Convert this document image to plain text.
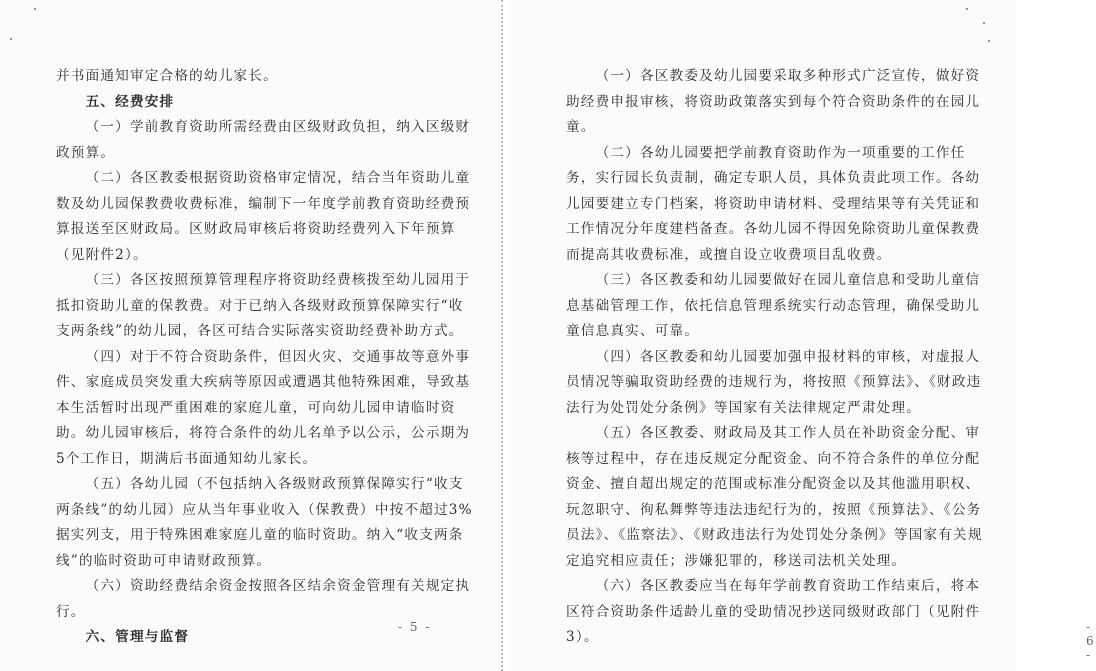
并书面通知审定合格的幼儿家长。
五、经费安排
（一）学前教育资助所需经费由区级财政负担，纳入区级财
政预算。
（二）各区教委根据资助资格审定情况，结合当年资助儿童
数及幼儿园保教费收费标准，编制下一年度学前教育资助经费预
算报送至区财政局。区财政局审核后将资助经费列入下年预算
（见附件2）。
（三）各区按照预算管理程序将资助经费核拨至幼儿园用于
抵扣资助儿童的保教费。对于已纳入各级财政预算保障实行“收
支两条线”的幼儿园，各区可结合实际落实资助经费补助方式。
（四）对于不符合资助条件，但因火灾、交通事故等意外事
件、家庭成员突发重大疾病等原因或遭遇其他特殊困难，导致基
本生活暂时出现严重困难的家庭儿童，可向幼儿园申请临时资
助。幼儿园审核后，将符合条件的幼儿名单予以公示，公示期为
5个工作日，期满后书面通知幼儿家长。
（五）各幼儿园（不包括纳入各级财政预算保障实行“收支
两条线”的幼儿园）应从当年事业收入（保教费）中按不超过3%
据实列支，用于特殊困难家庭儿童的临时资助。纳入“收支两条
线”的临时资助可申请财政预算。
（六）资助经费结余资金按照各区结余资金管理有关规定执
行。
六、管理与监督
- 5 -
（一）各区教委及幼儿园要采取多种形式广泛宣传，做好资
助经费申报审核，将资助政策落实到每个符合资助条件的在园儿
童。
（二）各幼儿园要把学前教育资助作为一项重要的工作任
务，实行园长负责制，确定专职人员，具体负责此项工作。各幼
儿园要建立专门档案，将资助申请材料、受理结果等有关凭证和
工作情况分年度建档备查。各幼儿园不得因免除资助儿童保教费
而提高其收费标准，或擅自设立收费项目乱收费。
（三）各区教委和幼儿园要做好在园儿童信息和受助儿童信
息基础管理工作，依托信息管理系统实行动态管理，确保受助儿
童信息真实、可靠。
（四）各区教委和幼儿园要加强申报材料的审核，对虚报人
员情况等骗取资助经费的违规行为，将按照《预算法》、《财政违
法行为处罚处分条例》等国家有关法律规定严肃处理。
（五）各区教委、财政局及其工作人员在补助资金分配、审
核等过程中，存在违反规定分配资金、向不符合条件的单位分配
资金、擅自超出规定的范围或标准分配资金以及其他滥用职权、
玩忽职守、徇私舞弊等违法违纪行为的，按照《预算法》、《公务
员法》、《监察法》、《财政违法行为处罚处分条例》等国家有关规
定追究相应责任；涉嫌犯罪的，移送司法机关处理。
（六）各区教委应当在每年学前教育资助工作结束后，将本
区符合资助条件适龄儿童的受助情况抄送同级财政部门（见附件
3）。
- 6 -
